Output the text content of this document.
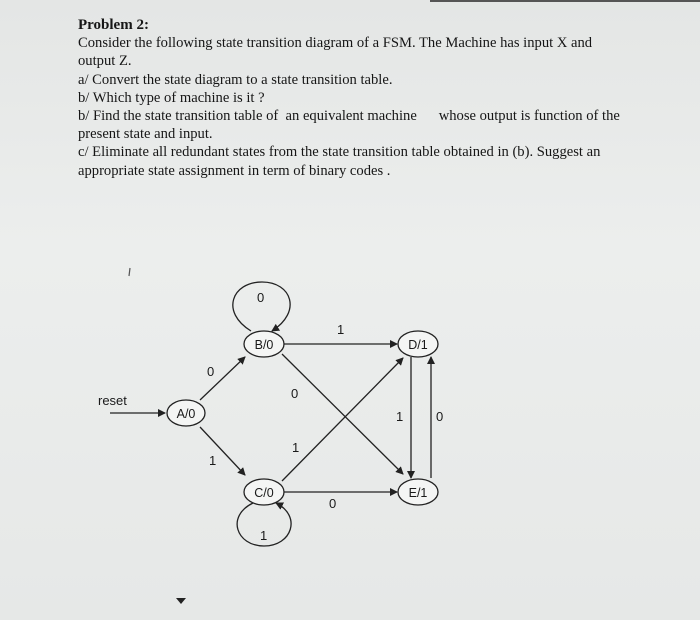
Problem 2:

Consider the following state transition diagram of a FSM. The Machine has input X and

output Z.

a/ Convert the state diagram to a state transition table.

b/ Which type of machine is it ?

b/ Find the state transition table of  an equivalent machine      whose output is function of the

present state and input.

c/ Eliminate all redundant states from the state transition table obtained in (b). Suggest an

appropriate state assignment in term of binary codes .

reset
0
1
0
1
1
0
1
0
1	0
A/0
B/0
C/0
D/1
E/1
